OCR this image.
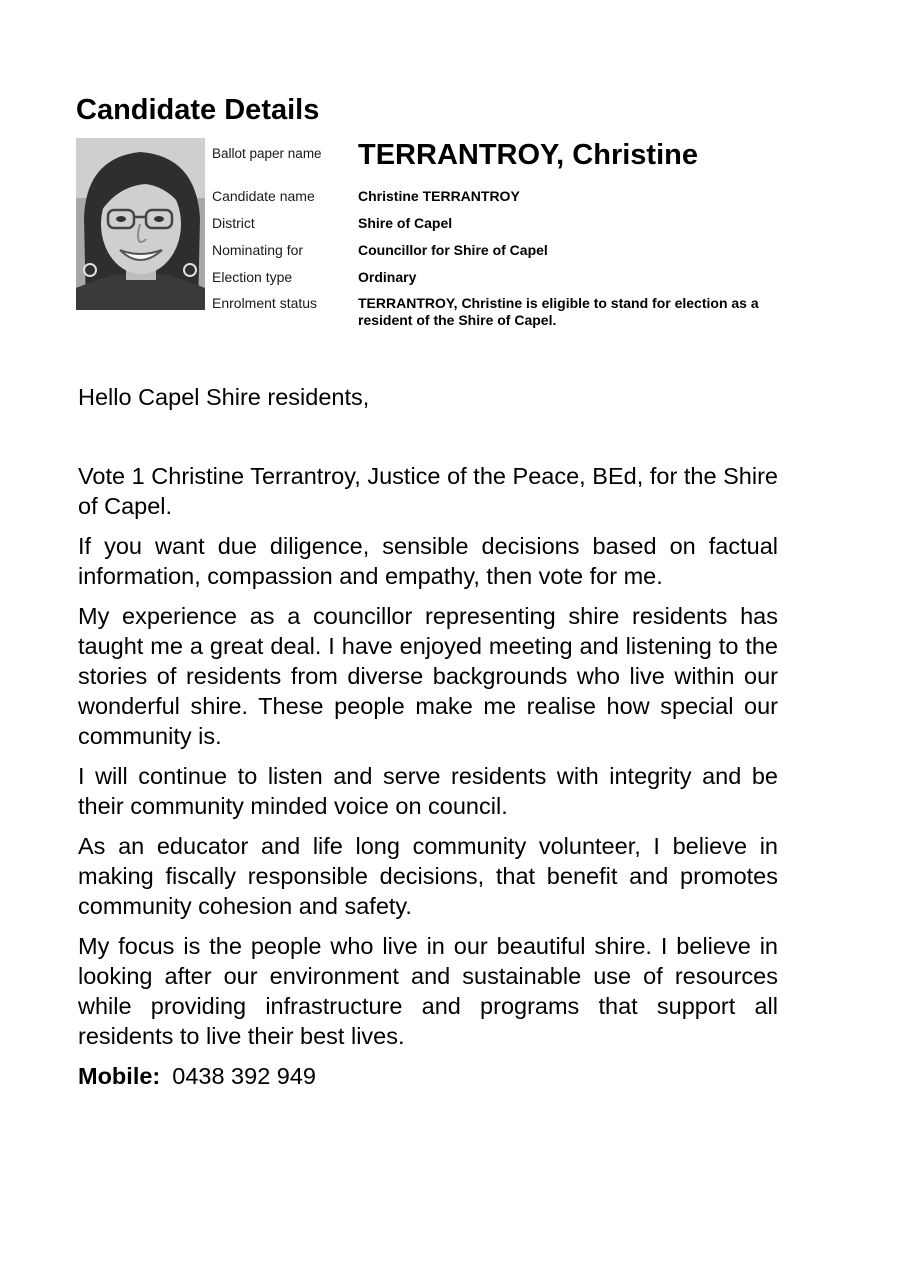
Candidate Details
Ballot paper name	TERRANTROY, Christine
Candidate name	Christine TERRANTROY
District	Shire of Capel
Nominating for	Councillor for Shire of Capel
Election type	Ordinary
Enrolment status	TERRANTROY, Christine is eligible to stand for election as a resident of the Shire of Capel.

Hello Capel Shire residents,

Vote 1 Christine Terrantroy, Justice of the Peace, BEd, for the Shire of Capel.

If you want due diligence, sensible decisions based on factual information, compassion and empathy, then vote for me.

My experience as a councillor representing shire residents has taught me a great deal. I have enjoyed meeting and listening to the stories of residents from diverse backgrounds who live within our wonderful shire. These people make me realise how special our community is.

I will continue to listen and serve residents with integrity and be their community minded voice on council.

As an educator and life long community volunteer, I believe in making fiscally responsible decisions, that benefit and promotes community cohesion and safety.

My focus is the people who live in our beautiful shire. I believe in looking after our environment and sustainable use of resources while providing infrastructure and programs that support all residents to live their best lives.

Mobile: 0438 392 949
